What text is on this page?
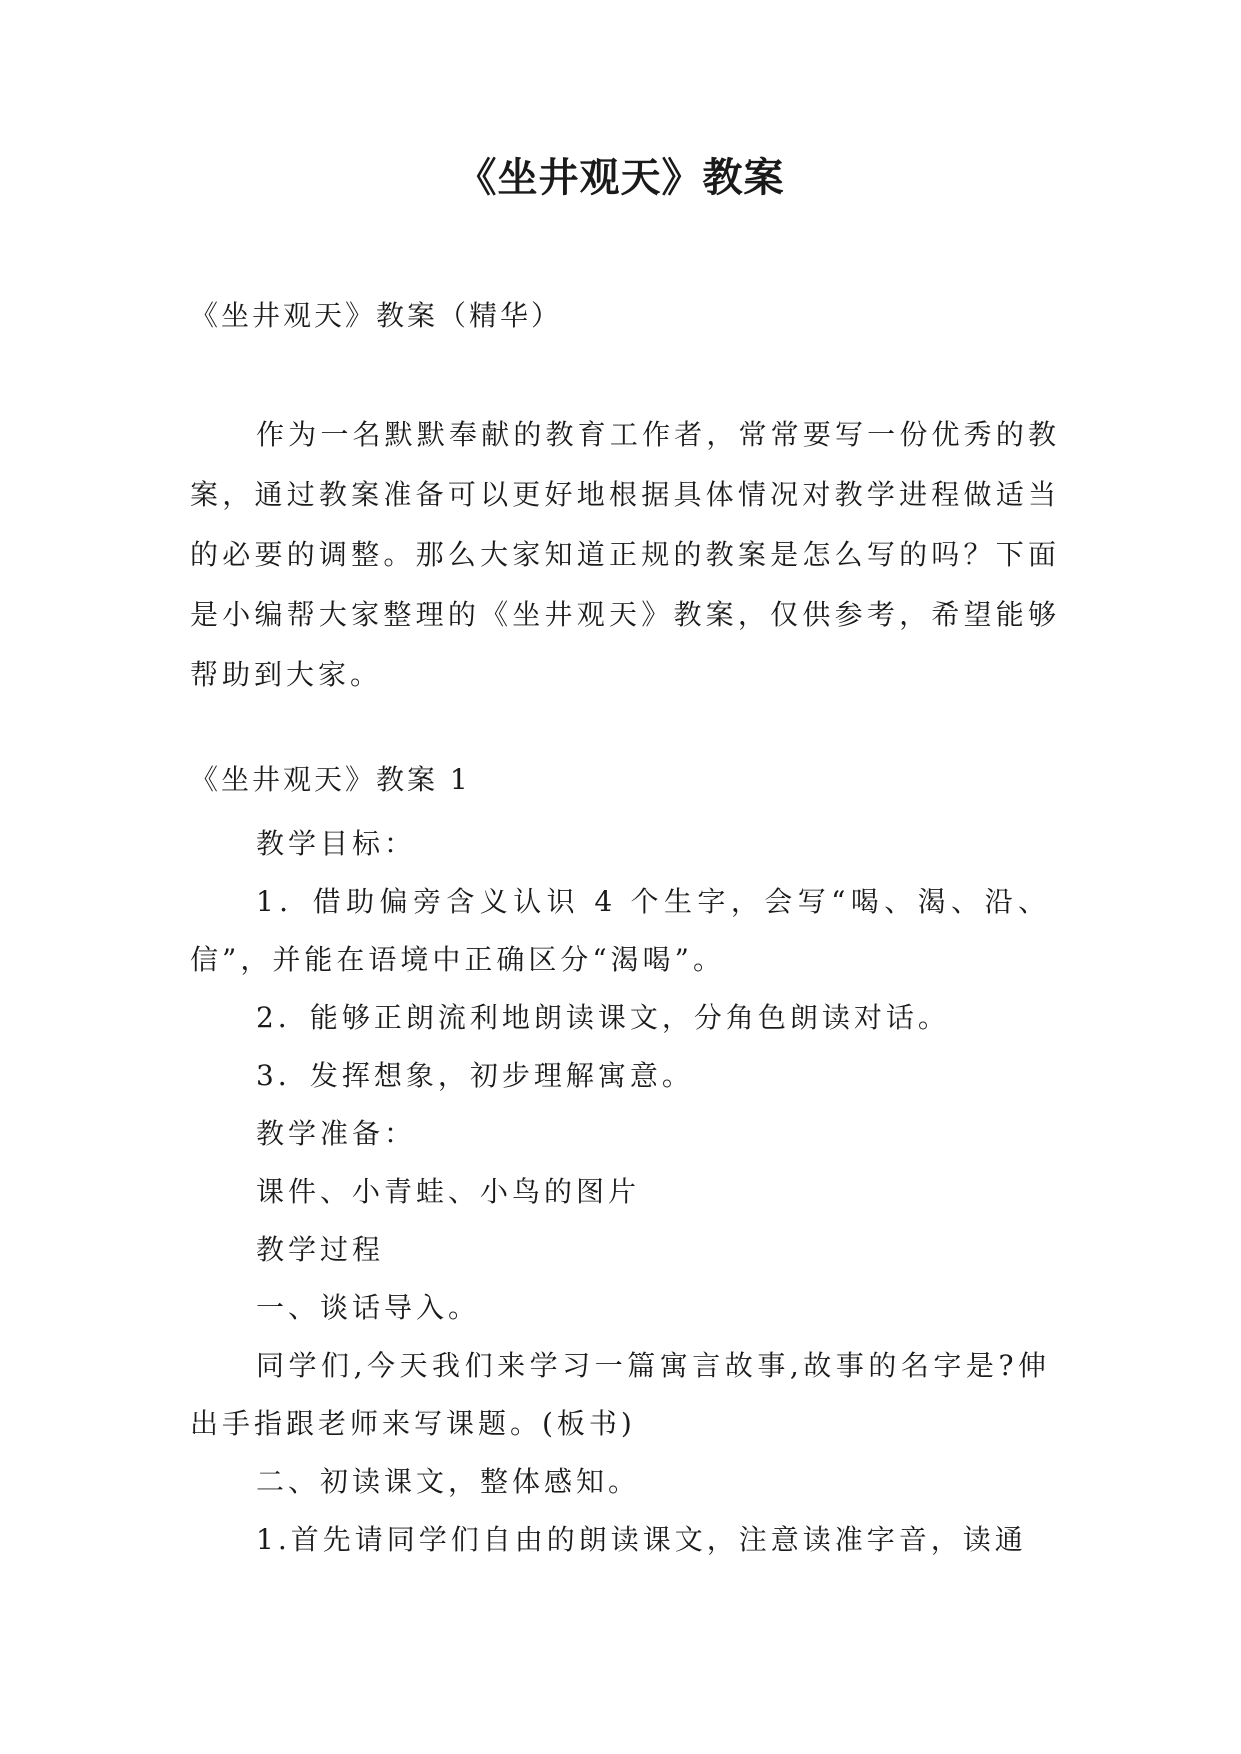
《坐井观天》教案

《坐井观天》教案（精华）

作为一名默默奉献的教育工作者，常常要写一份优秀的教案，通过教案准备可以更好地根据具体情况对教学进程做适当的必要的调整。那么大家知道正规的教案是怎么写的吗？下面是小编帮大家整理的《坐井观天》教案，仅供参考，希望能够帮助到大家。

《坐井观天》教案 1

教学目标：

1．借助偏旁含义认识 4 个生字，会写“喝、渴、沿、信”，并能在语境中正确区分“渴喝”。

2．能够正朗流利地朗读课文，分角色朗读对话。

3．发挥想象，初步理解寓意。

教学准备：

课件、小青蛙、小鸟的图片

教学过程

一、谈话导入。

同学们,今天我们来学习一篇寓言故事,故事的名字是?伸出手指跟老师来写课题。(板书)

二、初读课文，整体感知。

1.首先请同学们自由的朗读课文，注意读准字音，读通
